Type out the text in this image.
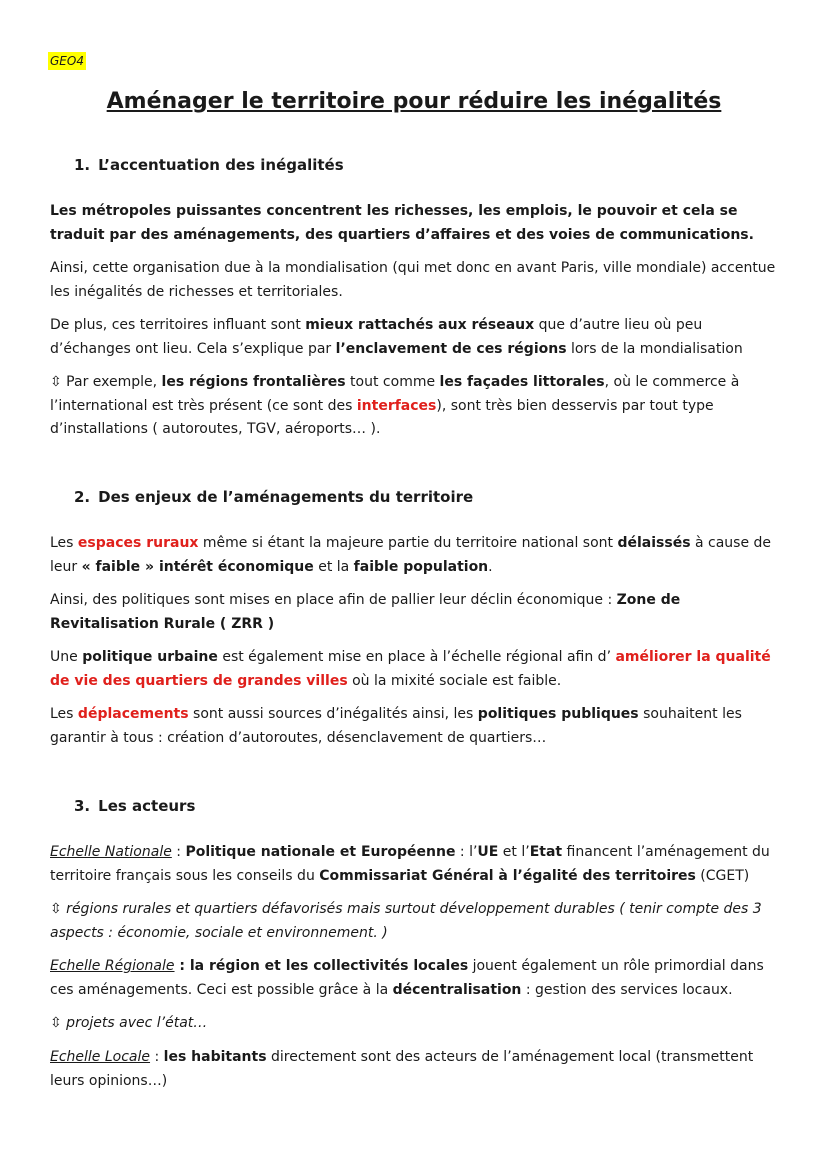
GEO4
Aménager le territoire pour réduire les inégalités
1. L’accentuation des inégalités
Les métropoles puissantes concentrent les richesses, les emplois, le pouvoir et cela se traduit par des aménagements, des quartiers d’affaires et des voies de communications.
Ainsi, cette organisation due à la mondialisation (qui met donc en avant Paris, ville mondiale) accentue les inégalités de richesses et territoriales.
De plus, ces territoires influant sont mieux rattachés aux réseaux que d’autre lieu où peu d’échanges ont lieu. Cela s’explique par l’enclavement de ces régions lors de la mondialisation
⇳ Par exemple, les régions frontalières tout comme les façades littorales, où le commerce à l’international est très présent (ce sont des interfaces), sont très bien desservis par tout type d’installations ( autoroutes, TGV, aéroports… ).
2. Des enjeux de l’aménagements du territoire
Les espaces ruraux même si étant la majeure partie du territoire national sont délaissés à cause de leur « faible » intérêt économique et la faible population.
Ainsi, des politiques sont mises en place afin de pallier leur déclin économique : Zone de Revitalisation Rurale ( ZRR )
Une politique urbaine est également mise en place à l’échelle régional afin d’ améliorer la qualité de vie des quartiers de grandes villes où la mixité sociale est faible.
Les déplacements sont aussi sources d’inégalités ainsi, les politiques publiques souhaitent les garantir à tous : création d’autoroutes, désenclavement de quartiers…
3. Les acteurs
Echelle Nationale : Politique nationale et Européenne : l’UE et l’Etat financent l’aménagement du territoire français sous les conseils du Commissariat Général à l’égalité des territoires (CGET)
⇳ régions rurales et quartiers défavorisés mais surtout développement durables ( tenir compte des 3 aspects : économie, sociale et environnement. )
Echelle Régionale : la région et les collectivités locales jouent également un rôle primordial dans ces aménagements. Ceci est possible grâce à la décentralisation : gestion des services locaux.
⇳ projets avec l’état…
Echelle Locale : les habitants directement sont des acteurs de l’aménagement local (transmettent leurs opinions…)
